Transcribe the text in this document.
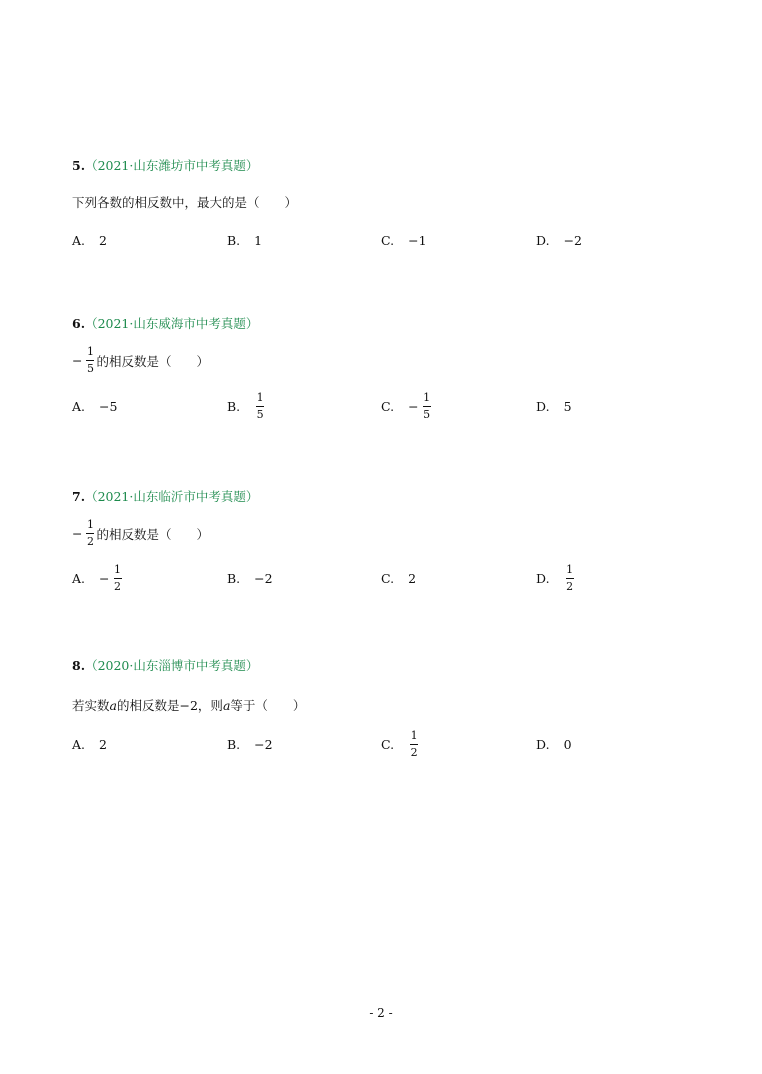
5.（2021·山东潍坊市中考真题）
下列各数的相反数中，最大的是（　　）
A. 2	B. 1	C. −1	D. −2
6.（2021·山东威海市中考真题）
− $\frac{1}{5}$ 的相反数是（　　）
A. −5	B. $\frac{1}{5}$	C. − $\frac{1}{5}$	D. 5
7.（2021·山东临沂市中考真题）
− $\frac{1}{2}$ 的相反数是（　　）
A. − $\frac{1}{2}$	B. −2	C. 2	D. $\frac{1}{2}$
8.（2020·山东淄博市中考真题）
若实数 a 的相反数是 −2 ，则 a 等于（　　）
A. 2	B. −2	C. $\frac{1}{2}$	D. 0
- 2 -
